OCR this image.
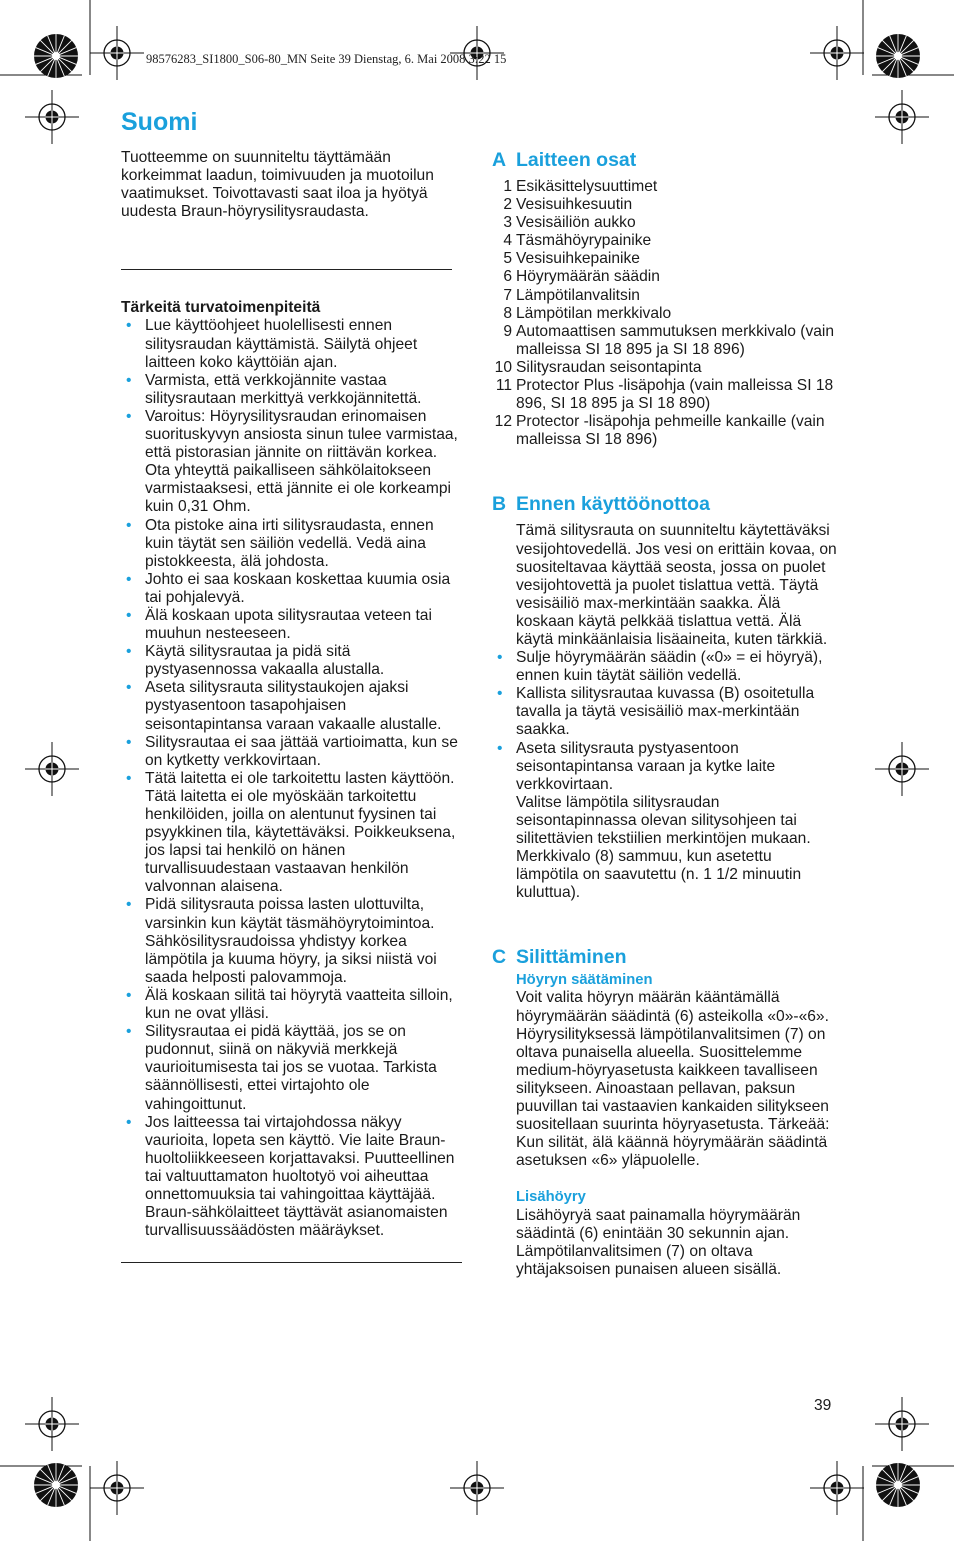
98576283_SI1800_S06-80_MN Seite 39 Dienstag, 6. Mai 2008 3:22 15
Suomi

Tuotteemme on suunniteltu täyttämään korkeimmat laadun, toimivuuden ja muotoilun vaatimukset. Toivottavasti saat iloa ja hyötyä uudesta Braun-höyrysilitysraudasta.

Tärkeitä turvatoimenpiteitä

• Lue käyttöohjeet huolellisesti ennen silitysraudan käyttämistä. Säilytä ohjeet laitteen koko käyttöiän ajan.
• Varmista, että verkkojännite vastaa silitysrautaan merkittyä verkkojännitettä.
• Varoitus: Höyrysilitysraudan erinomaisen suorituskyvyn ansiosta sinun tulee varmistaa, että pistorasian jännite on riittävän korkea. Ota yhteyttä paikalliseen sähkölaitokseen varmistaaksesi, että jännite ei ole korkeampi kuin 0,31 Ohm.
• Ota pistoke aina irti silitysraudasta, ennen kuin täytät sen säiliön vedellä. Vedä aina pistokkeesta, älä johdosta.
• Johto ei saa koskaan koskettaa kuumia osia tai pohjalevyä.
• Älä koskaan upota silitysrautaa veteen tai muuhun nesteeseen.
• Käytä silitysrautaa ja pidä sitä pystyasennossa vakaalla alustalla.
• Aseta silitysrauta silitystaukojen ajaksi pystyasentoon tasapohjaisen seisontapintansa varaan vakaalle alustalle.
• Silitysrautaa ei saa jättää vartioimatta, kun se on kytketty verkkovirtaan.
• Tätä laitetta ei ole tarkoitettu lasten käyttöön. Tätä laitetta ei ole myöskään tarkoitettu henkilöiden, joilla on alentunut fyysinen tai psyykkinen tila, käytettäväksi. Poikkeuksena, jos lapsi tai henkilö on hänen turvallisuudestaan vastaavan henkilön valvonnan alaisena.
• Pidä silitysrauta poissa lasten ulottuvilta, varsinkin kun käytät täsmähöyrytoimintoa. Sähkösilitysraudoissa yhdistyy korkea lämpötila ja kuuma höyry, ja siksi niistä voi saada helposti palovammoja.
• Älä koskaan silitä tai höyrytä vaatteita silloin, kun ne ovat ylläsi.
• Silitysrautaa ei pidä käyttää, jos se on pudonnut, siinä on näkyviä merkkejä vaurioitumisesta tai jos se vuotaa. Tarkista säännöllisesti, ettei virtajohto ole vahingoittunut.
• Jos laitteessa tai virtajohdossa näkyy vaurioita, lopeta sen käyttö. Vie laite Braun-huoltoliikkeeseen korjattavaksi. Puutteellinen tai valtuuttamaton huoltotyö voi aiheuttaa onnettomuuksia tai vahingoittaa käyttäjää. Braun-sähkölaitteet täyttävät asianomaisten turvallisuussäädösten määräykset.
A Laitteen osat
1 Esikäsittelysuuttimet
2 Vesisuihkesuutin
3 Vesisäiliön aukko
4 Täsmähöyrypainike
5 Vesisuihkepainike
6 Höyrymäärän säädin
7 Lämpötilanvalitsin
8 Lämpötilan merkkivalo
9 Automaattisen sammutuksen merkkivalo (vain malleissa SI 18 895 ja SI 18 896)
10 Silitysraudan seisontapinta
11 Protector Plus -lisäpohja (vain malleissa SI 18 896, SI 18 895 ja SI 18 890)
12 Protector -lisäpohja pehmeille kankaille (vain malleissa SI 18 896)
B Ennen käyttöönottoa

Tämä silitysrauta on suunniteltu käytettäväksi vesijohtovedellä. Jos vesi on erittäin kovaa, on suositeltavaa käyttää seosta, jossa on puolet vesijohtovettä ja puolet tislattua vettä. Täytä vesisäiliö max-merkintään saakka. Älä koskaan käytä pelkkää tislattua vettä. Älä käytä minkäänlaisia lisäaineita, kuten tärkkiä.

• Sulje höyrymäärän säädin («0» = ei höyryä), ennen kuin täytät säiliön vedellä.
• Kallista silitysrautaa kuvassa (B) osoitetulla tavalla ja täytä vesisäiliö max-merkintään saakka.
• Aseta silitysrauta pystyasentoon seisontapintansa varaan ja kytke laite verkkovirtaan.

Valitse lämpötila silitysraudan seisontapinnassa olevan silitysohjeen tai silitettävien tekstiilien merkintöjen mukaan. Merkkivalo (8) sammuu, kun asetettu lämpötila on saavutettu (n. 1 1/2 minuutin kuluttua).

C Silittäminen

Höyryn säätäminen

Voit valita höyryn määrän kääntämällä höyrymäärän säädintä (6) asteikolla «0»-«6». Höyrysilityksessä lämpötilanvalitsimen (7) on oltava punaisella alueella. Suosittelemme medium-höyryasetusta kaikkeen tavalliseen silitykseen. Ainoastaan pellavan, paksun puuvillan tai vastaavien kankaiden silitykseen suositellaan suurinta höyryasetusta. Tärkeää: Kun silität, älä käännä höyrymäärän säädintä asetuksen «6» yläpuolelle.

Lisähöyry

Lisähöyryä saat painamalla höyrymäärän säädintä (6) enintään 30 sekunnin ajan. Lämpötilanvalitsimen (7) on oltava yhtäjaksoisen punaisen alueen sisällä.

39
